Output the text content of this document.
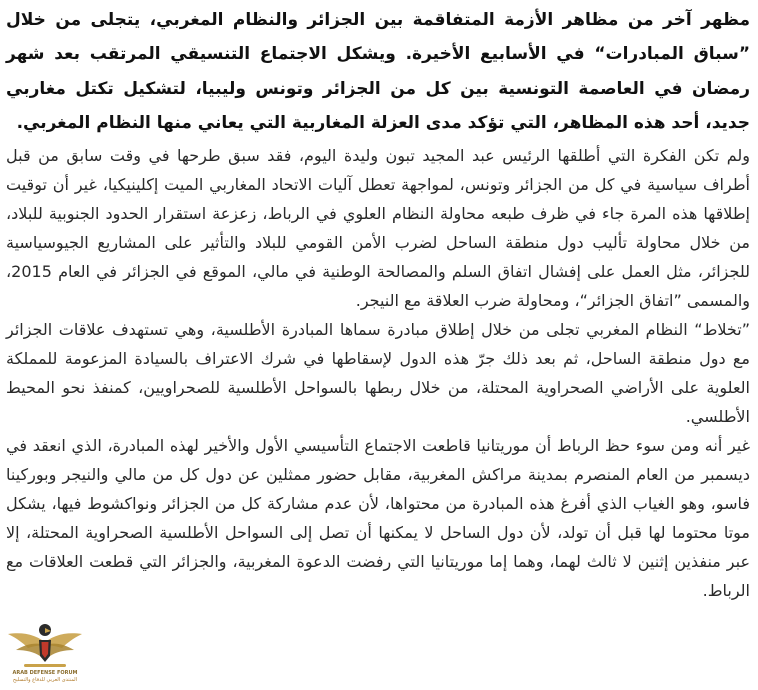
مظهر آخر من مظاهر الأزمة المتفاقمة بين الجزائر والنظام المغربي، يتجلى من خلال ”سباق المبادرات“ في الأسابيع الأخيرة. ويشكل الاجتماع التنسيقي المرتقب بعد شهر رمضان في العاصمة التونسية بين كل من الجزائر وتونس وليبيا، لتشكيل تكتل مغاربي جديد، أحد هذه المظاهر، التي تؤكد مدى العزلة المغاربية التي يعاني منها النظام المغربي.

ولم تكن الفكرة التي أطلقها الرئيس عبد المجيد تبون وليدة اليوم، فقد سبق طرحها في وقت سابق من قبل أطراف سياسية في كل من الجزائر وتونس، لمواجهة تعطل آليات الاتحاد المغاربي الميت إكلينيكيا، غير أن توقيت إطلاقها هذه المرة جاء في ظرف طبعه محاولة النظام العلوي في الرباط، زعزعة استقرار الحدود الجنوبية للبلاد، من خلال محاولة تأليب دول منطقة الساحل لضرب الأمن القومي للبلاد والتأثير على المشاريع الجيوسياسية للجزائر، مثل العمل على إفشال اتفاق السلم والمصالحة الوطنية في مالي، الموقع في الجزائر في العام 2015، والمسمى ”اتفاق الجزائر“، ومحاولة ضرب العلاقة مع النيجر.

”تخلاط“ النظام المغربي تجلى من خلال إطلاق مبادرة سماها المبادرة الأطلسية، وهي تستهدف علاقات الجزائر مع دول منطقة الساحل، ثم بعد ذلك جرّ هذه الدول لإسقاطها في شرك الاعتراف بالسيادة المزعومة للمملكة العلوية على الأراضي الصحراوية المحتلة، من خلال ربطها بالسواحل الأطلسية للصحراويين، كمنفذ نحو المحيط الأطلسي.

غير أنه ومن سوء حظ الرباط أن موريتانيا قاطعت الاجتماع التأسيسي الأول والأخير لهذه المبادرة، الذي انعقد في ديسمبر من العام المنصرم بمدينة مراكش المغربية، مقابل حضور ممثلين عن دول كل من مالي والنيجر وبوركينا فاسو، وهو الغياب الذي أفرغ هذه المبادرة من محتواها، لأن عدم مشاركة كل من الجزائر ونواكشوط فيها، يشكل موتا محتوما لها قبل أن تولد، لأن دول الساحل لا يمكنها أن تصل إلى السواحل الأطلسية الصحراوية المحتلة، إلا عبر منفذين إثنين لا ثالث لهما، وهما إما موريتانيا التي رفضت الدعوة المغربية، والجزائر التي قطعت العلاقات مع الرباط.

ARAB DEFENSE FORUM
المنتدى العربي للدفاع والتسليح
